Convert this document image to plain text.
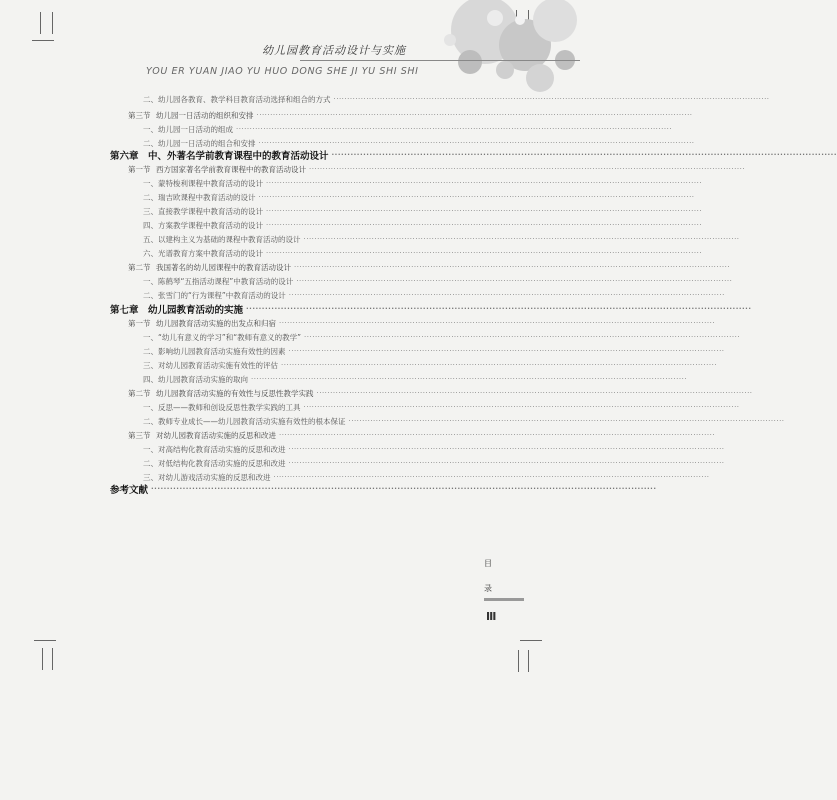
幼儿园教育活动设计与实施
YOU ER YUAN JIAO YU HUO DONG SHE JI YU SHI SHI
二、幼儿园各教育、教学科目教育活动选择和组合的方式 ································································································································································
第三节 幼儿园一日活动的组织和安排 ································································································································································
一、幼儿园一日活动的组成 ································································································································································
二、幼儿园一日活动的组合和安排 ································································································································································
第六章　中、外著名学前教育课程中的教育活动设计 ································································································································································
第一节 西方国家著名学前教育课程中的教育活动设计 ································································································································································
一、蒙特梭利课程中教育活动的设计 ································································································································································
二、瑞吉欧课程中教育活动的设计 ································································································································································
三、直接教学课程中教育活动的设计 ································································································································································
四、方案教学课程中教育活动的设计 ································································································································································
五、以建构主义为基础的课程中教育活动的设计 ································································································································································
六、光谱教育方案中教育活动的设计 ································································································································································
第二节 我国著名的幼儿园课程中的教育活动设计 ································································································································································
一、陈鹤琴“五指活动课程”中教育活动的设计 ································································································································································
二、张雪门的“行为课程”中教育活动的设计 ································································································································································
第七章　幼儿园教育活动的实施 ································································································································································
第一节 幼儿园教育活动实施的出发点和归宿 ································································································································································
一、“幼儿有意义的学习”和“教师有意义的教学” ································································································································································
二、影响幼儿园教育活动实施有效性的因素 ································································································································································
三、对幼儿园教育活动实施有效性的评估 ································································································································································
四、幼儿园教育活动实施的取向 ································································································································································
第二节 幼儿园教育活动实施的有效性与反思性教学实践 ································································································································································
一、反思——教师和创设反思性教学实践的工具 ································································································································································
二、教师专业成长——幼儿园教育活动实施有效性的根本保证 ································································································································································
第三节 对幼儿园教育活动实施的反思和改进 ································································································································································
一、对高结构化教育活动实施的反思和改进 ································································································································································
二、对低结构化教育活动实施的反思和改进 ································································································································································
三、对幼儿游戏活动实施的反思和改进 ································································································································································
参考文献 ································································································································································
目
录
Ⅲ
